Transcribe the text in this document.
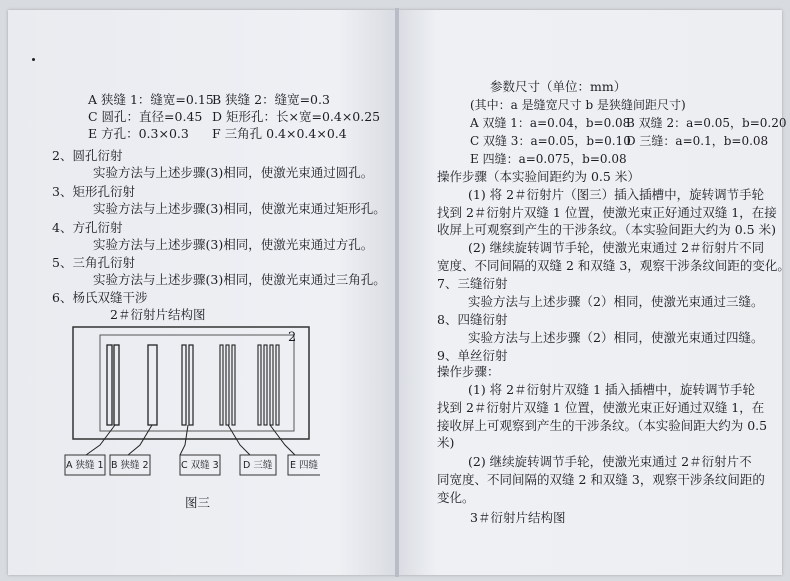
A 狭缝 1：缝宽=0.15
B 狭缝 2：缝宽=0.3
C 圆孔：直径=0.45 D 矩形孔：长×宽=0.4×0.25
E 方孔：0.3×0.3 F 三角孔 0.4×0.4×0.4
2、圆孔衍射
实验方法与上述步骤(3)相同，使激光束通过圆孔。
3、矩形孔衍射
实验方法与上述步骤(3)相同，使激光束通过矩形孔。
4、方孔衍射
实验方法与上述步骤(3)相同，使激光束通过方孔。
5、三角孔衍射
实验方法与上述步骤(3)相同，使激光束通过三角孔。
6、杨氏双缝干涉
2＃衍射片结构图
2
A 狭缝 1 B 狭缝 2	C 双缝 3	D 三缝 E 四缝
图三
参数尺寸（单位：mm）
(其中：a 是缝宽尺寸 b 是狭缝间距尺寸)
A 双缝 1：a=0.04，b=0.08
B 双缝 2：a=0.05，b=0.20
C 双缝 3：a=0.05，b=0.10
D 三缝：a=0.1，b=0.08
E 四缝：a=0.075，b=0.08
操作步骤（本实验间距约为 0.5 米）
(1) 将 2＃衍射片（图三）插入插槽中，旋转调节手轮
找到 2＃衍射片双缝 1 位置，使激光束正好通过双缝 1，在接
收屏上可观察到产生的干涉条纹。（本实验间距大约为 0.5 米)
(2) 继续旋转调节手轮，使激光束通过 2＃衍射片不同
宽度、不同间隔的双缝 2 和双缝 3，观察干涉条纹间距的变化。
7、三缝衍射
实验方法与上述步骤（2）相同，使激光束通过三缝。
8、四缝衍射
实验方法与上述步骤（2）相同，使激光束通过四缝。
9、单丝衍射
操作步骤：
(1) 将 2＃衍射片双缝 1 插入插槽中，旋转调节手轮
找到 2＃衍射片双缝 1 位置，使激光束正好通过双缝 1，在
接收屏上可观察到产生的干涉条纹。（本实验间距大约为 0.5
米)
(2) 继续旋转调节手轮，使激光束通过 2＃衍射片不
同宽度、不同间隔的双缝 2 和双缝 3，观察干涉条纹间距的
变化。
3＃衍射片结构图
